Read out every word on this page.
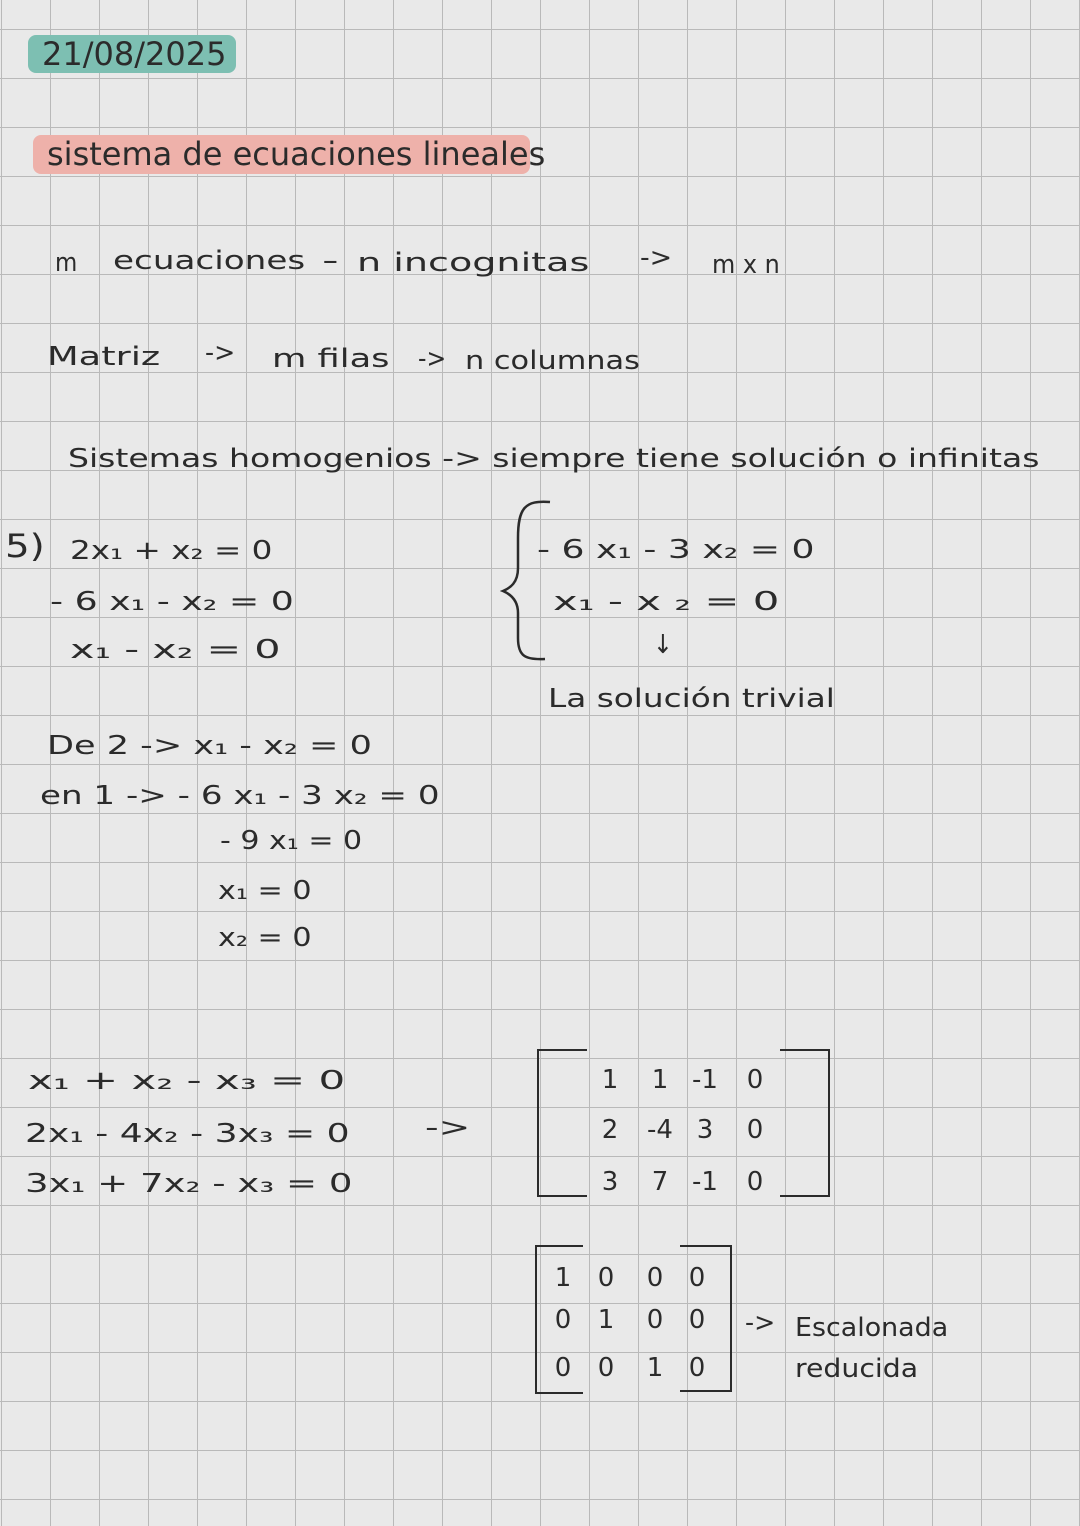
21/08/2025
sistema de ecuaciones lineales
m ecuaciones - n incognitas -> m x n
Matriz -> m filas -> n columnas
Sistemas homogenios -> siempre tiene solución o infinitas
5) 2x₁ + x₂ = 0
- 6 x₁ - x₂ = 0
x₁ - x₂ = 0
- 6 x₁ - 3 x₂ = 0
x₁ - x ₂ = 0
↓
La solución trivial
De 2 -> x₁ - x₂ = 0
en 1 -> - 6 x₁ - 3 x₂ = 0
- 9 x₁ = 0
x₁ = 0
x₂ = 0
x₁ + x₂ - x₃ = 0
2x₁ - 4x₂ - 3x₃ = 0
3x₁ + 7x₂ - x₃ = 0
->
1 1 -1 0
2 -4 3 0
3 7 -1 0
1 0 0 0
0 1 0 0
0 0 1 0
-> Escalonada
reducida
